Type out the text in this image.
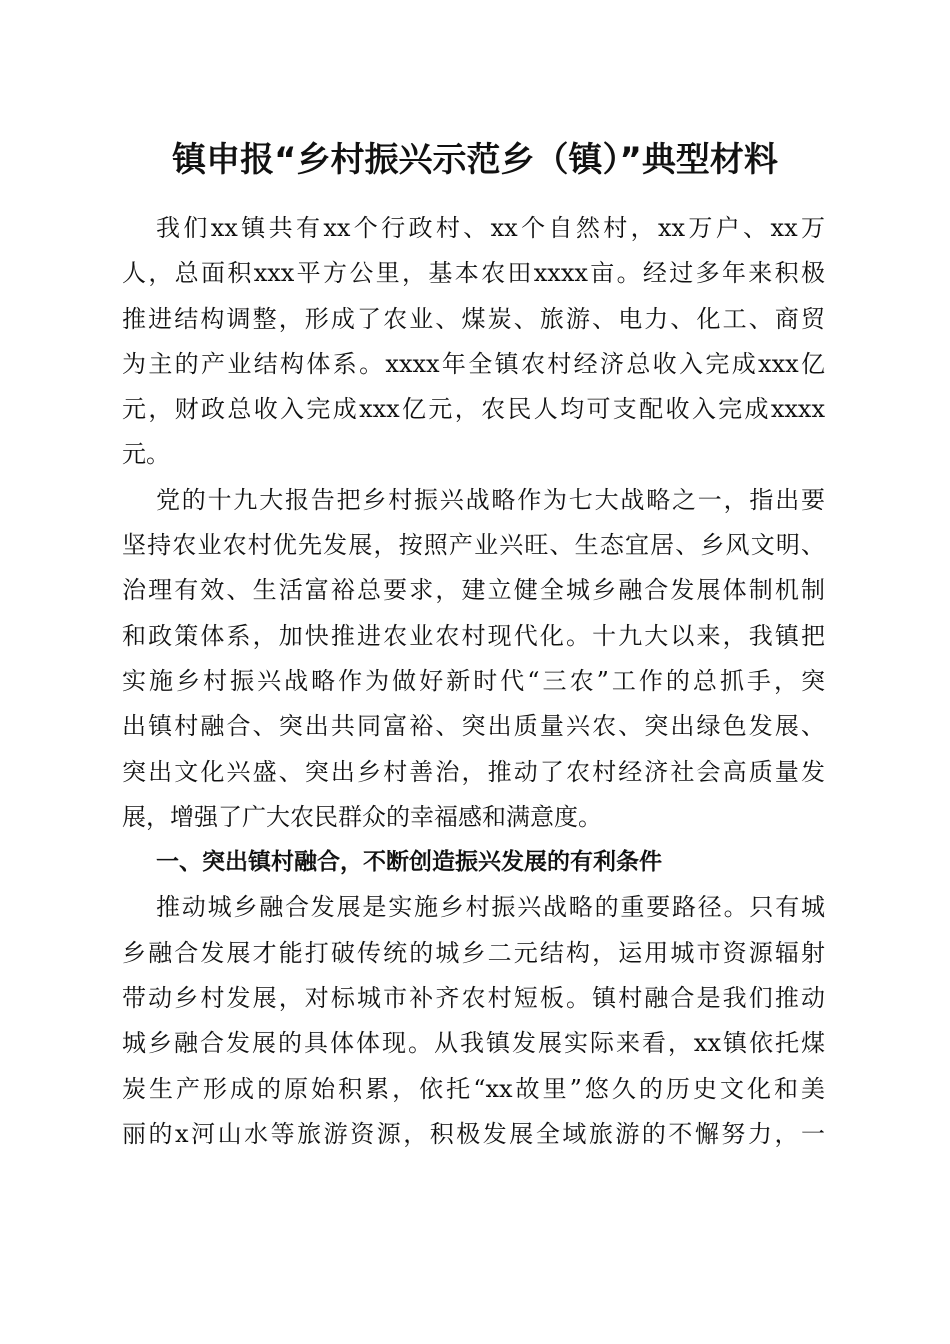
镇申报“乡村振兴示范乡（镇）”典型材料
我们xx镇共有xx个行政村、xx个自然村，xx万户、xx万
人，总面积xxx平方公里，基本农田xxxx亩。经过多年来积极
推进结构调整，形成了农业、煤炭、旅游、电力、化工、商贸
为主的产业结构体系。xxxx年全镇农村经济总收入完成xxx亿
元，财政总收入完成xxx亿元，农民人均可支配收入完成xxxx
元。
党的十九大报告把乡村振兴战略作为七大战略之一，指出要
坚持农业农村优先发展，按照产业兴旺、生态宜居、乡风文明、
治理有效、生活富裕总要求，建立健全城乡融合发展体制机制
和政策体系，加快推进农业农村现代化。十九大以来，我镇把
实施乡村振兴战略作为做好新时代“三农”工作的总抓手，突
出镇村融合、突出共同富裕、突出质量兴农、突出绿色发展、
突出文化兴盛、突出乡村善治，推动了农村经济社会高质量发
展，增强了广大农民群众的幸福感和满意度。
一、突出镇村融合，不断创造振兴发展的有利条件
推动城乡融合发展是实施乡村振兴战略的重要路径。只有城
乡融合发展才能打破传统的城乡二元结构，运用城市资源辐射
带动乡村发展，对标城市补齐农村短板。镇村融合是我们推动
城乡融合发展的具体体现。从我镇发展实际来看，xx镇依托煤
炭生产形成的原始积累，依托“xx故里”悠久的历史文化和美
丽的x河山水等旅游资源，积极发展全域旅游的不懈努力，一
